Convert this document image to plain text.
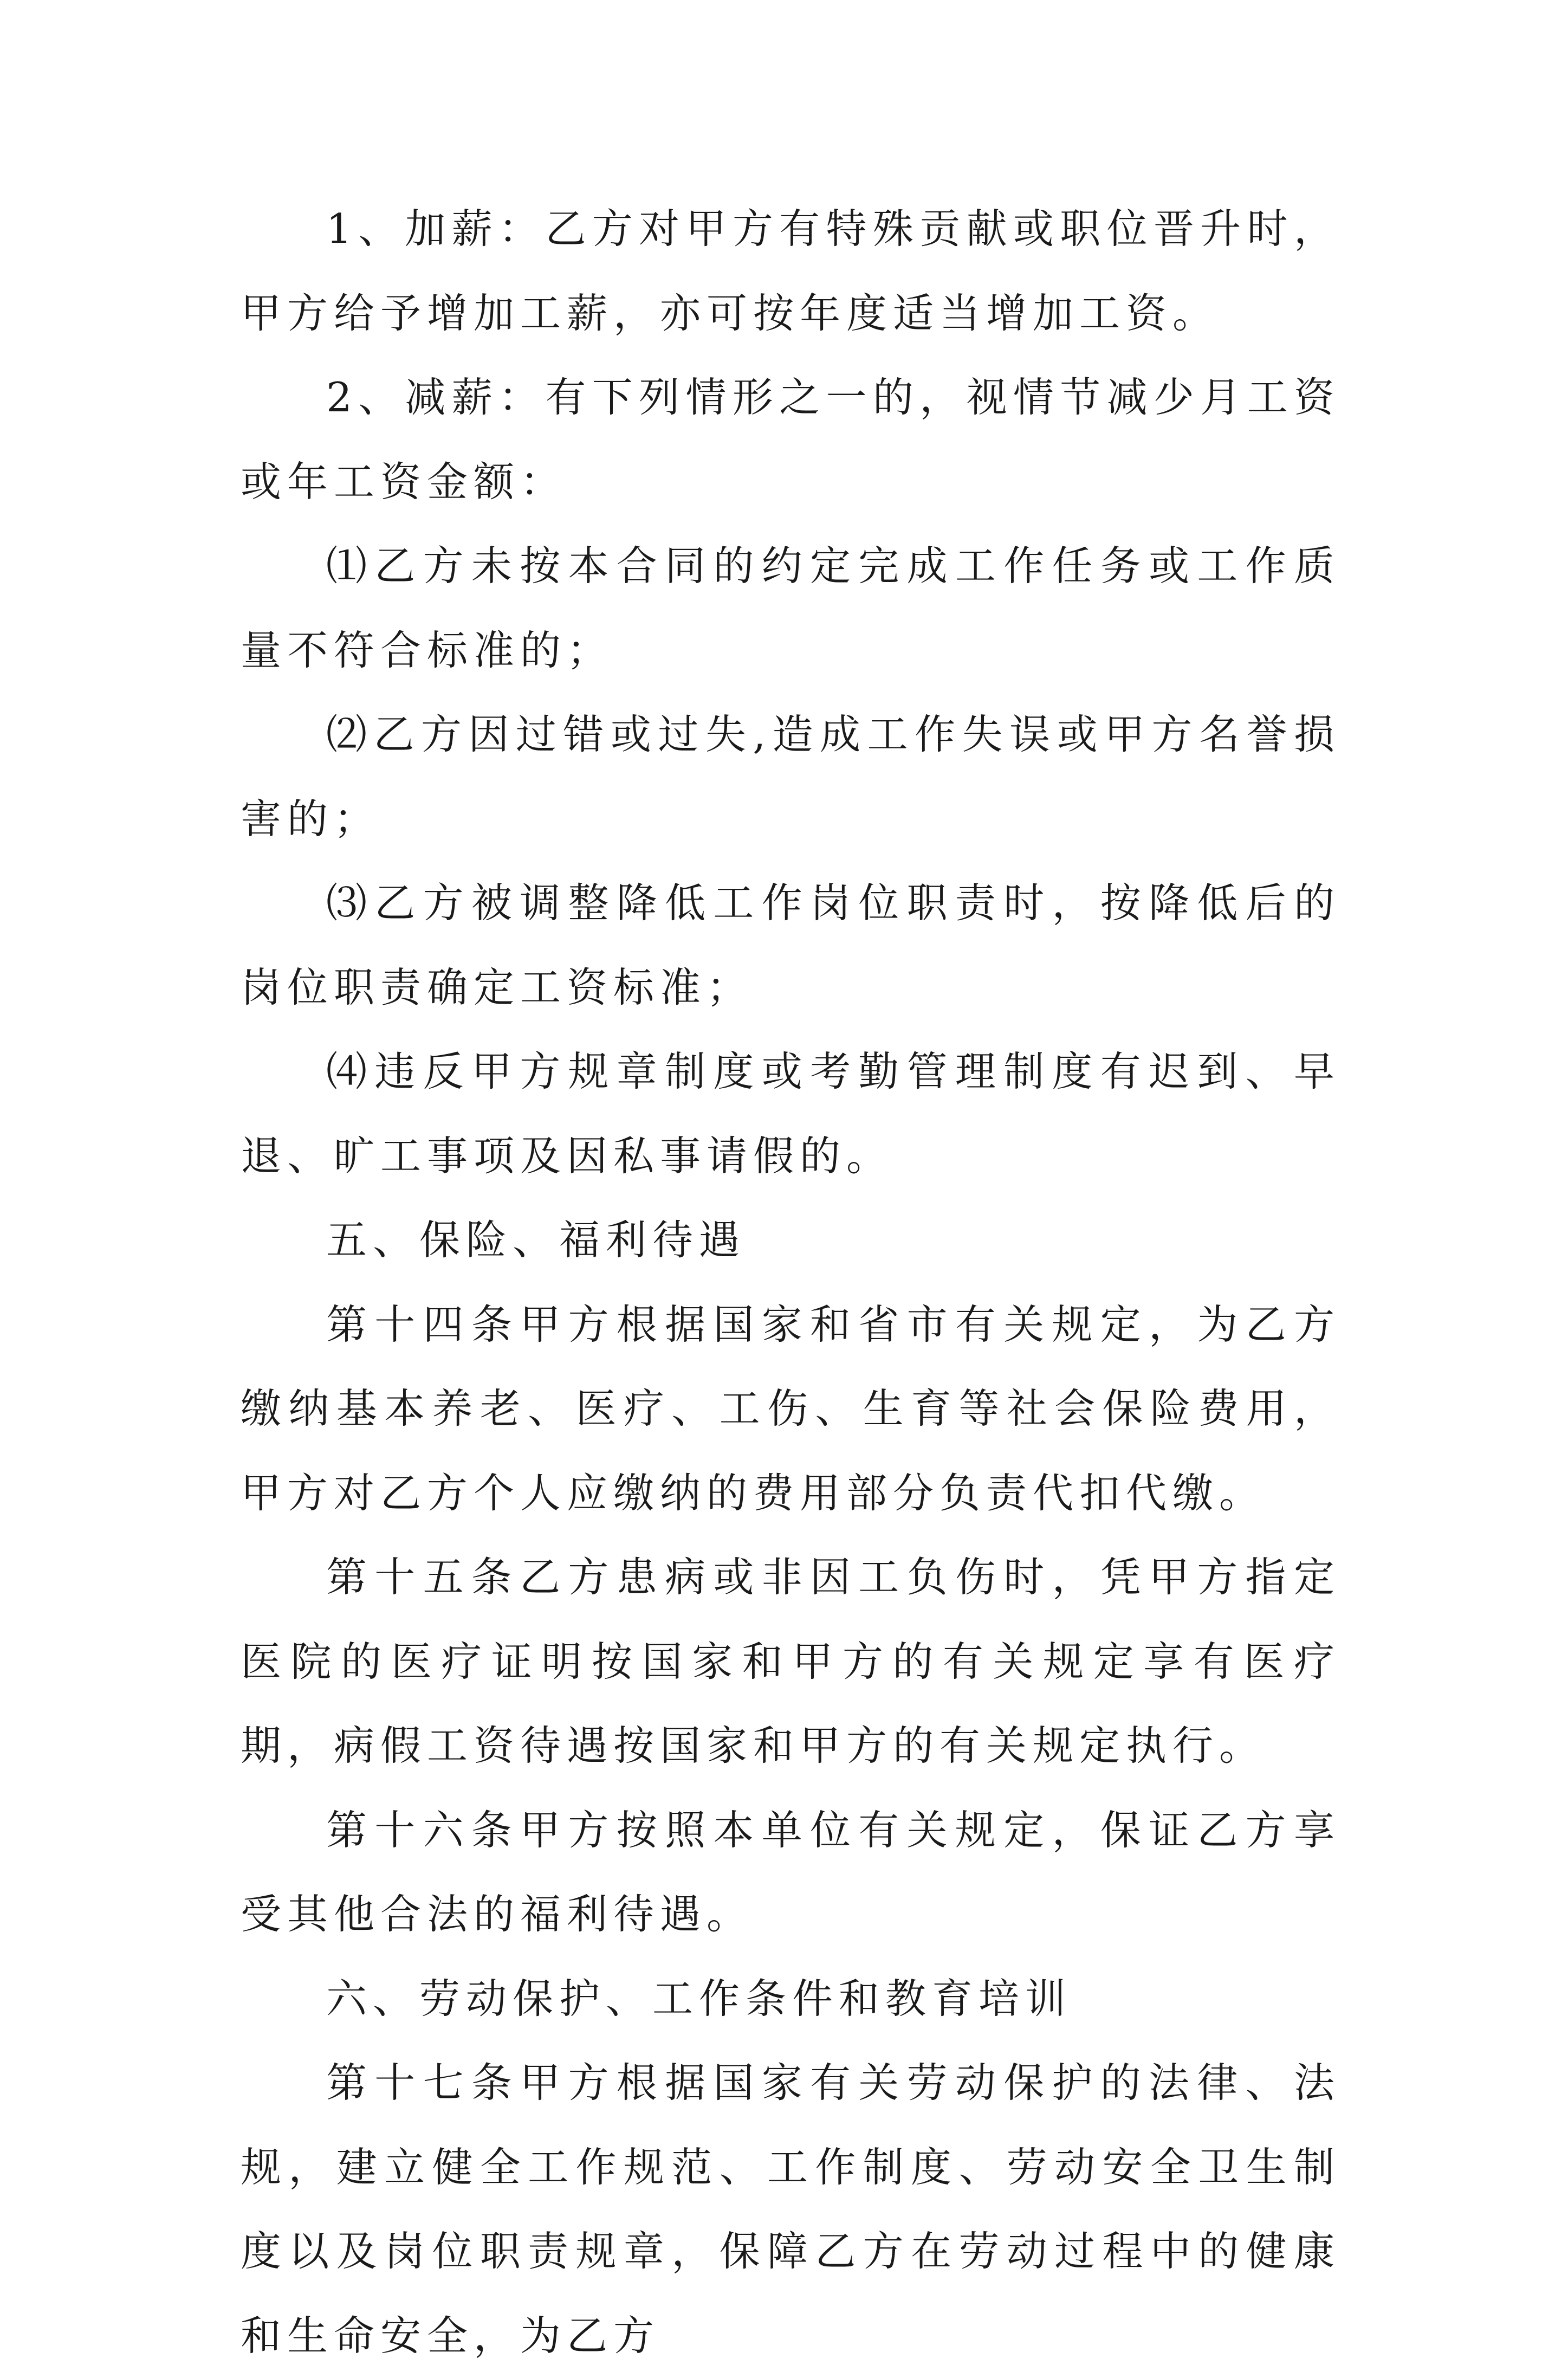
1、加薪：乙方对甲方有特殊贡献或职位晋升时，甲方给予增加工薪，亦可按年度适当增加工资。

2、减薪：有下列情形之一的，视情节减少月工资或年工资金额：

⑴乙方未按本合同的约定完成工作任务或工作质量不符合标准的；

⑵乙方因过错或过失,造成工作失误或甲方名誉损害的；

⑶乙方被调整降低工作岗位职责时，按降低后的岗位职责确定工资标准；

⑷违反甲方规章制度或考勤管理制度有迟到、早退、旷工事项及因私事请假的。

五、保险、福利待遇

第十四条甲方根据国家和省市有关规定，为乙方缴纳基本养老、医疗、工伤、生育等社会保险费用，甲方对乙方个人应缴纳的费用部分负责代扣代缴。

第十五条乙方患病或非因工负伤时，凭甲方指定医院的医疗证明按国家和甲方的有关规定享有医疗期，病假工资待遇按国家和甲方的有关规定执行。

第十六条甲方按照本单位有关规定，保证乙方享受其他合法的福利待遇。

六、劳动保护、工作条件和教育培训

第十七条甲方根据国家有关劳动保护的法律、法规，建立健全工作规范、工作制度、劳动安全卫生制度以及岗位职责规章，保障乙方在劳动过程中的健康和生命安全，为乙方
